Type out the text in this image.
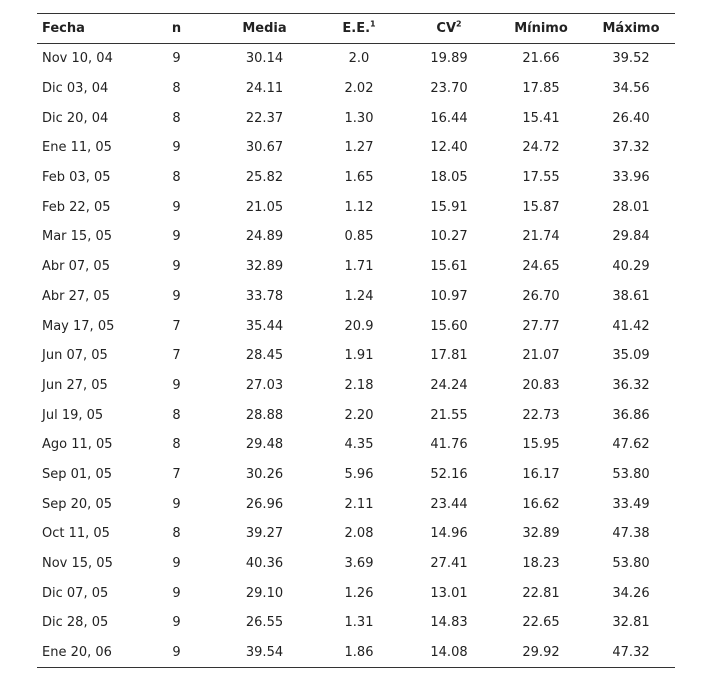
Fecha	n	Media	E.E.$^1$	$CV^2$	Mínimo	Máximo
Nov 10, 04	9	30.14	2.0	19.89	21.66	39.52
Dic 03, 04	8	24.11	2.02	23.70	17.85	34.56
Dic 20, 04	8	22.37	1.30	16.44	15.41	26.40
Ene 11, 05	9	30.67	1.27	12.40	24.72	37.32
Feb 03, 05	8	25.82	1.65	18.05	17.55	33.96
Feb 22, 05	9	21.05	1.12	15.91	15.87	28.01
Mar 15, 05	9	24.89	0.85	10.27	21.74	29.84
Abr 07, 05	9	32.89	1.71	15.61	24.65	40.29
Abr 27, 05	9	33.78	1.24	10.97	26.70	38.61
May 17, 05	7	35.44	20.9	15.60	27.77	41.42
Jun 07, 05	7	28.45	1.91	17.81	21.07	35.09
Jun 27, 05	9	27.03	2.18	24.24	20.83	36.32
Jul 19, 05	8	28.88	2.20	21.55	22.73	36.86
Ago 11, 05	8	29.48	4.35	41.76	15.95	47.62
Sep 01, 05	7	30.26	5.96	52.16	16.17	53.80
Sep 20, 05	9	26.96	2.11	23.44	16.62	33.49
Oct 11, 05	8	39.27	2.08	14.96	32.89	47.38
Nov 15, 05	9	40.36	3.69	27.41	18.23	53.80
Dic 07, 05	9	29.10	1.26	13.01	22.81	34.26
Dic 28, 05	9	26.55	1.31	14.83	22.65	32.81
Ene 20, 06	9	39.54	1.86	14.08	29.92	47.32
